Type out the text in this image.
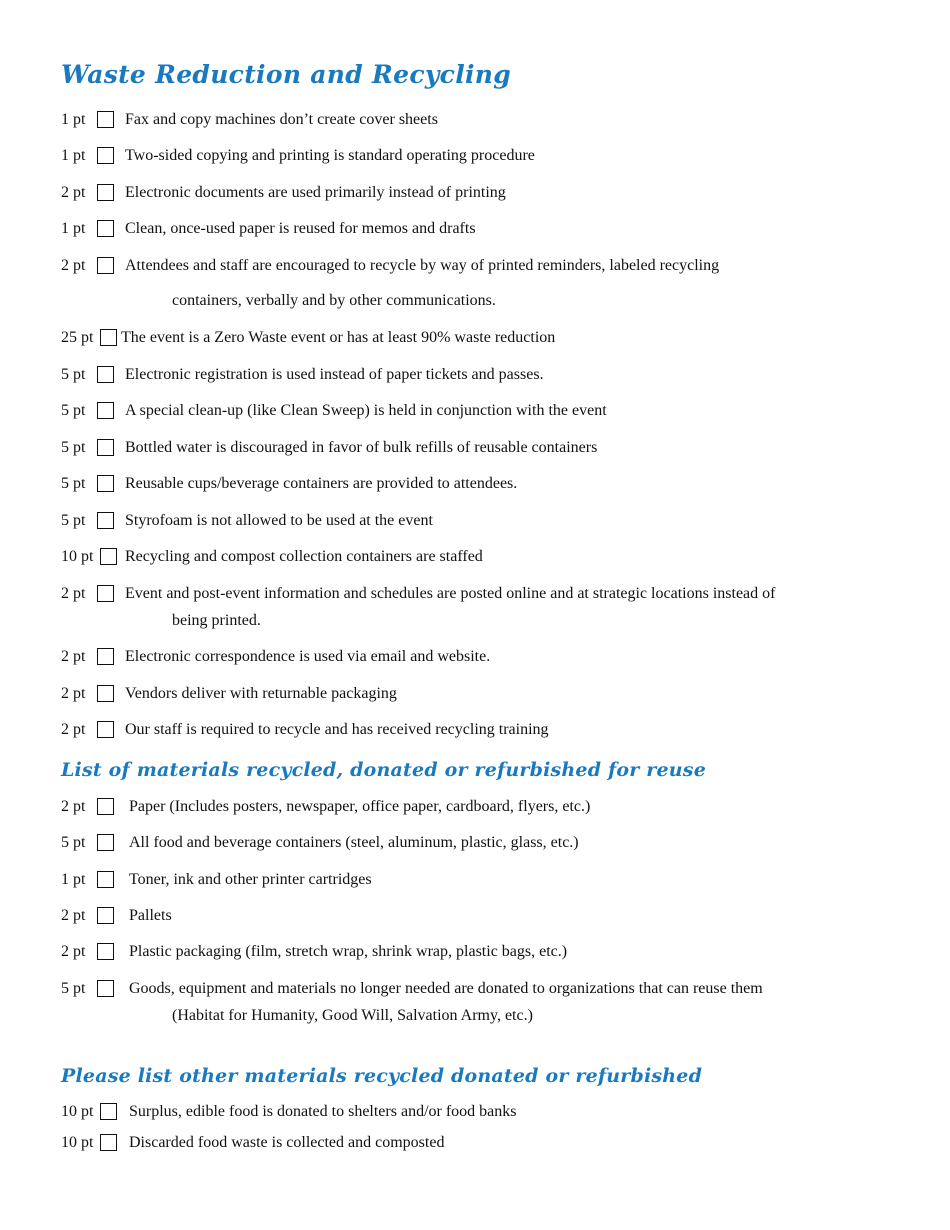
Waste Reduction and Recycling
1 pt Fax and copy machines don’t create cover sheets
1 pt Two-sided copying and printing is standard operating procedure
2 pt Electronic documents are used primarily instead of printing
1 pt Clean, once-used paper is reused for memos and drafts
2 pt Attendees and staff are encouraged to recycle by way of printed reminders, labeled recycling
containers, verbally and by other communications.
25 pt The event is a Zero Waste event or has at least 90% waste reduction
5 pt Electronic registration is used instead of paper tickets and passes.
5 pt A special clean-up (like Clean Sweep) is held in conjunction with the event
5 pt Bottled water is discouraged in favor of bulk refills of reusable containers
5 pt Reusable cups/beverage containers are provided to attendees.
5 pt Styrofoam is not allowed to be used at the event
10 pt Recycling and compost collection containers are staffed
2 pt Event and post-event information and schedules are posted online and at strategic locations instead of
being printed.
2 pt Electronic correspondence is used via email and website.
2 pt Vendors deliver with returnable packaging
2 pt Our staff is required to recycle and has received recycling training
List of materials recycled, donated or refurbished for reuse
2 pt	Paper (Includes posters, newspaper, office paper, cardboard, flyers, etc.)
5 pt	All food and beverage containers (steel, aluminum, plastic, glass, etc.)
1 pt	Toner, ink and other printer cartridges
2 pt	Pallets
2 pt	Plastic packaging (film, stretch wrap, shrink wrap, plastic bags, etc.)
5 pt	Goods, equipment and materials no longer needed are donated to organizations that can reuse them
(Habitat for Humanity, Good Will, Salvation Army, etc.)
Please list other materials recycled donated or refurbished
10 pt Surplus, edible food is donated to shelters and/or food banks
10 pt Discarded food waste is collected and composted
